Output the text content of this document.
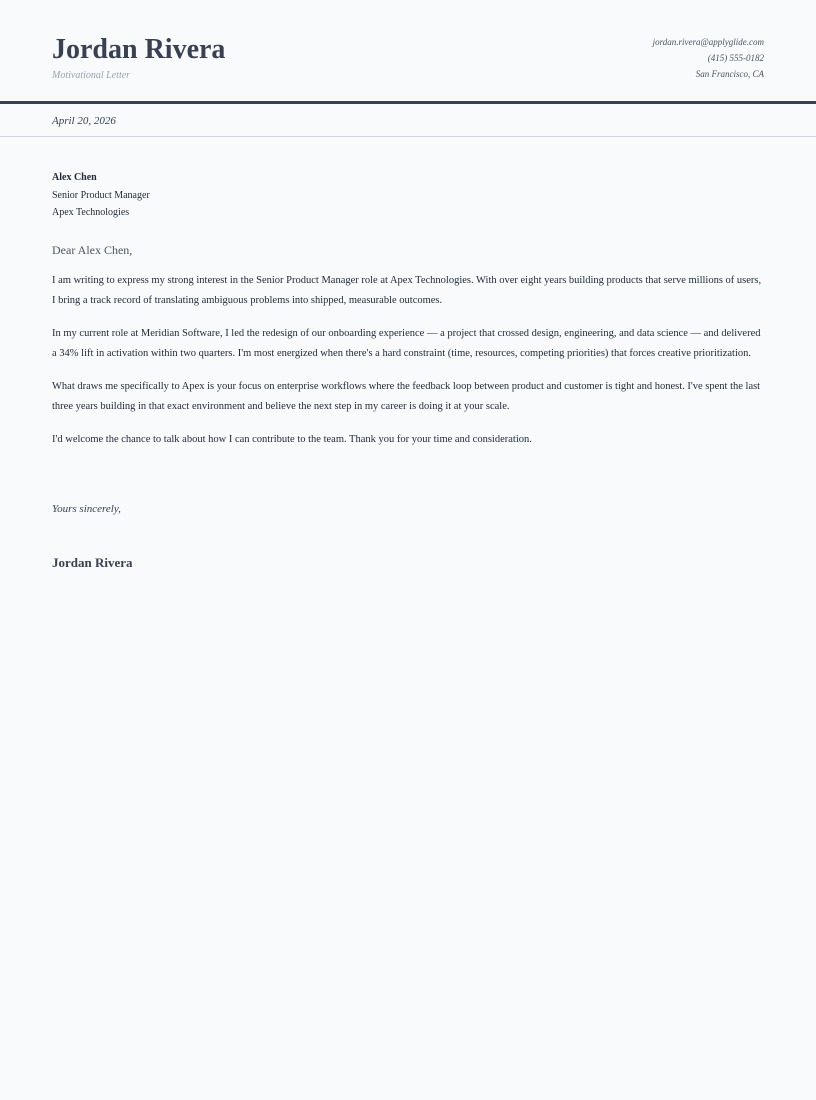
Jordan Rivera
Motivational Letter
jordan.rivera@applyglide.com
(415) 555-0182
San Francisco, CA
April 20, 2026
Alex Chen
Senior Product Manager
Apex Technologies
Dear Alex Chen,

I am writing to express my strong interest in the Senior Product Manager role at Apex Technologies. With over eight years building products that serve millions of users, I bring a track record of translating ambiguous problems into shipped, measurable outcomes.

In my current role at Meridian Software, I led the redesign of our onboarding experience — a project that crossed design, engineering, and data science — and delivered a 34% lift in activation within two quarters. I'm most energized when there's a hard constraint (time, resources, competing priorities) that forces creative prioritization.

What draws me specifically to Apex is your focus on enterprise workflows where the feedback loop between product and customer is tight and honest. I've spent the last three years building in that exact environment and believe the next step in my career is doing it at your scale.

I'd welcome the chance to talk about how I can contribute to the team. Thank you for your time and consideration.

Yours sincerely,
Jordan Rivera
